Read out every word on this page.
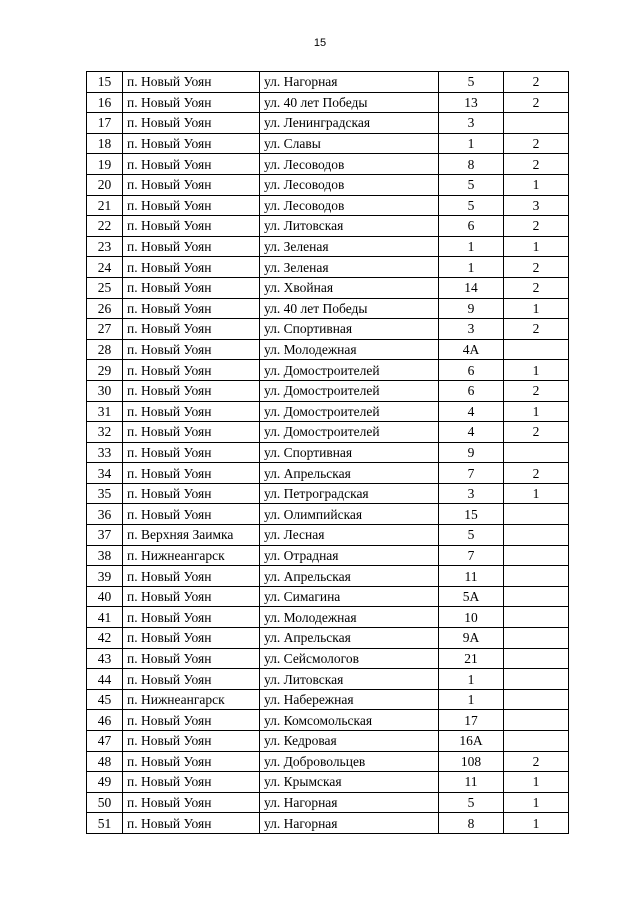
15
15	п. Новый Уоян	ул. Нагорная	5	2
16	п. Новый Уоян	ул. 40 лет Победы	13	2
17	п. Новый Уоян	ул. Ленинградская	3	
18	п. Новый Уоян	ул. Славы	1	2
19	п. Новый Уоян	ул. Лесоводов	8	2
20	п. Новый Уоян	ул. Лесоводов	5	1
21	п. Новый Уоян	ул. Лесоводов	5	3
22	п. Новый Уоян	ул. Литовская	6	2
23	п. Новый Уоян	ул. Зеленая	1	1
24	п. Новый Уоян	ул. Зеленая	1	2
25	п. Новый Уоян	ул. Хвойная	14	2
26	п. Новый Уоян	ул. 40 лет Победы	9	1
27	п. Новый Уоян	ул. Спортивная	3	2
28	п. Новый Уоян	ул. Молодежная	4А	
29	п. Новый Уоян	ул. Домостроителей	6	1
30	п. Новый Уоян	ул. Домостроителей	6	2
31	п. Новый Уоян	ул. Домостроителей	4	1
32	п. Новый Уоян	ул. Домостроителей	4	2
33	п. Новый Уоян	ул. Спортивная	9	
34	п. Новый Уоян	ул. Апрельская	7	2
35	п. Новый Уоян	ул. Петроградская	3	1
36	п. Новый Уоян	ул. Олимпийская	15	
37	п. Верхняя Заимка	ул. Лесная	5	
38	п. Нижнеангарск	ул. Отрадная	7	
39	п. Новый Уоян	ул. Апрельская	11	
40	п. Новый Уоян	ул. Симагина	5А	
41	п. Новый Уоян	ул. Молодежная	10	
42	п. Новый Уоян	ул. Апрельская	9А	
43	п. Новый Уоян	ул. Сейсмологов	21	
44	п. Новый Уоян	ул. Литовская	1	
45	п. Нижнеангарск	ул. Набережная	1	
46	п. Новый Уоян	ул. Комсомольская	17	
47	п. Новый Уоян	ул. Кедровая	16А	
48	п. Новый Уоян	ул. Добровольцев	108	2
49	п. Новый Уоян	ул. Крымская	11	1
50	п. Новый Уоян	ул. Нагорная	5	1
51	п. Новый Уоян	ул. Нагорная	8	1
